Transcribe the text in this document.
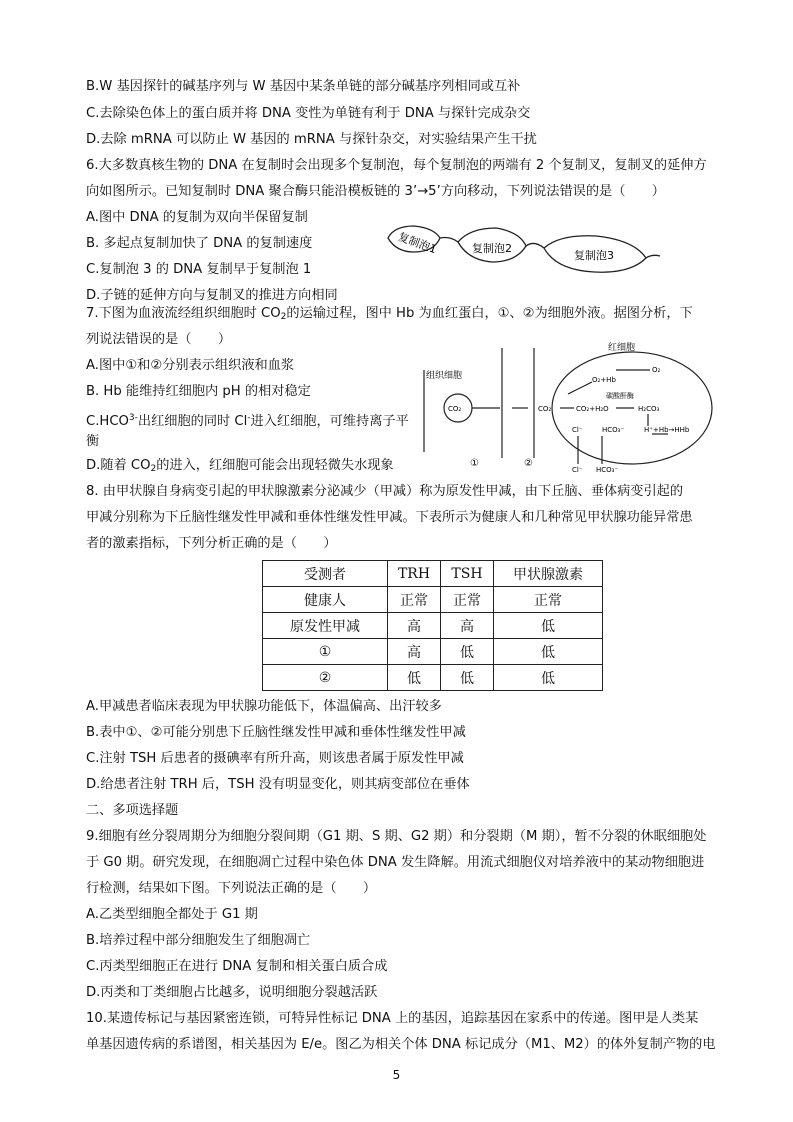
B.W 基因探针的碱基序列与 W 基因中某条单链的部分碱基序列相同或互补
C.去除染色体上的蛋白质并将 DNA 变性为单链有利于 DNA 与探针完成杂交
D.去除 mRNA 可以防止 W 基因的 mRNA 与探针杂交，对实验结果产生干扰
6.大多数真核生物的 DNA 在复制时会出现多个复制泡，每个复制泡的两端有 2 个复制叉，复制叉的延伸方
向如图所示。已知复制时 DNA 聚合酶只能沿模板链的 3’→5’方向移动，下列说法错误的是（　　）
A.图中 DNA 的复制为双向半保留复制
B. 多起点复制加快了 DNA 的复制速度
C.复制泡 3 的 DNA 复制早于复制泡 1
D.子链的延伸方向与复制叉的推进方向相同
复制泡1	复制泡2
复制泡3
7.下图为血液流经组织细胞时 $CO_2$的运输过程，图中 Hb 为血红蛋白，①、②为细胞外液。据图分析，下
列说法错误的是（　　）
A.图中①和②分别表示组织液和血浆
B. Hb 能维持红细胞内 pH 的相对稳定
$C.HCO^{3-}$出红细胞的同时 Cl-进入红细胞，可维持离子平
衡
D.随着 $CO_2$的进入，红细胞可能会出现轻微失水现象
红细胞
组织细胞
碳酸酐酶
CO₂	CO₂	CO₂+H₂O	H₂CO₃
O₂+Hb
O₂
HCO₃⁻	H⁺+Hb→HHb
Cl⁻
Cl⁻ HCO₃⁻
①	②
8. 由甲状腺自身病变引起的甲状腺激素分泌减少（甲减）称为原发性甲减，由下丘脑、垂体病变引起的
甲减分别称为下丘脑性继发性甲减和垂体性继发性甲减。下表所示为健康人和几种常见甲状腺功能异常患
者的激素指标，下列分析正确的是（　　）
受测者	TRH	TSH	甲状腺激素
健康人	正常	正常	正常
原发性甲减	高	高	低
①	高	低	低
②	低	低	低
A.甲减患者临床表现为甲状腺功能低下，体温偏高、出汗较多
B.表中①、②可能分别患下丘脑性继发性甲减和垂体性继发性甲减
C.注射 TSH 后患者的摄碘率有所升高，则该患者属于原发性甲减
D.给患者注射 TRH 后，TSH 没有明显变化，则其病变部位在垂体
二、多项选择题
9.细胞有丝分裂周期分为细胞分裂间期（G1 期、S 期、G2 期）和分裂期（M 期），暂不分裂的休眠细胞处
于 G0 期。研究发现，在细胞凋亡过程中染色体 DNA 发生降解。用流式细胞仪对培养液中的某动物细胞进
行检测，结果如下图。下列说法正确的是（　　）
A.乙类型细胞全都处于 G1 期
B.培养过程中部分细胞发生了细胞凋亡
C.丙类型细胞正在进行 DNA 复制和相关蛋白质合成
D.丙类和丁类细胞占比越多，说明细胞分裂越活跃
10.某遗传标记与基因紧密连锁，可特异性标记 DNA 上的基因，追踪基因在家系中的传递。图甲是人类某
单基因遗传病的系谱图，相关基因为 E/e。图乙为相关个体 DNA 标记成分（M1、M2）的体外复制产物的电
5
